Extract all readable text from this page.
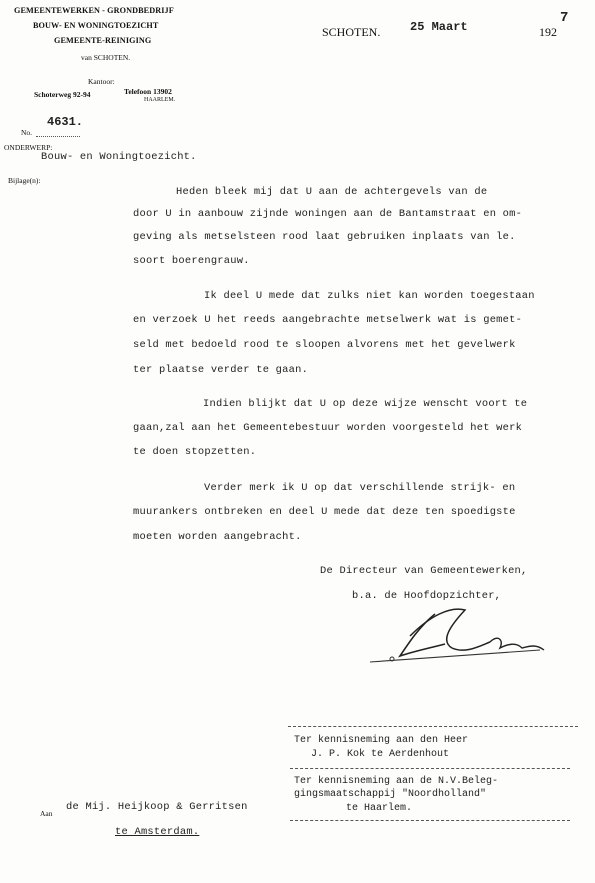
GEMEENTEWERKEN - GRONDBEDRIJF
BOUW- EN WONINGTOEZICHT
GEMEENTE-REINIGING
van SCHOTEN.
Kantoor:
Schoterweg 92-94	Telefoon 13902
HAARLEM.
SCHOTEN. 25 Maart	192
7
4631.
No.
ONDERWERP:
Bouw- en Woningtoezicht.
Bijlage(n):
Heden bleek mij dat U aan de achtergevels van de
door U in aanbouw zijnde woningen aan de Bantamstraat en om-
geving als metselsteen rood laat gebruiken inplaats van le.
soort boerengrauw.
Ik deel U mede dat zulks niet kan worden toegestaan
en verzoek U het reeds aangebrachte metselwerk wat is gemet-
seld met bedoeld rood te sloopen alvorens met het gevelwerk
ter plaatse verder te gaan.
Indien blijkt dat U op deze wijze wenscht voort te
gaan,zal aan het Gemeentebestuur worden voorgesteld het werk
te doen stopzetten.
Verder merk ik U op dat verschillende strijk- en
muurankers ontbreken en deel U mede dat deze ten spoedigste
moeten worden aangebracht.
De Directeur van Gemeentewerken,
b.a. de Hoofdopzichter,
Ter kennisneming aan den Heer
J. P. Kok te Aerdenhout
Ter kennisneming aan de N.V.Beleg-
gingsmaatschappij "Noordholland"
te Haarlem.
Aan
de Mij. Heijkoop & Gerritsen
te Amsterdam.
